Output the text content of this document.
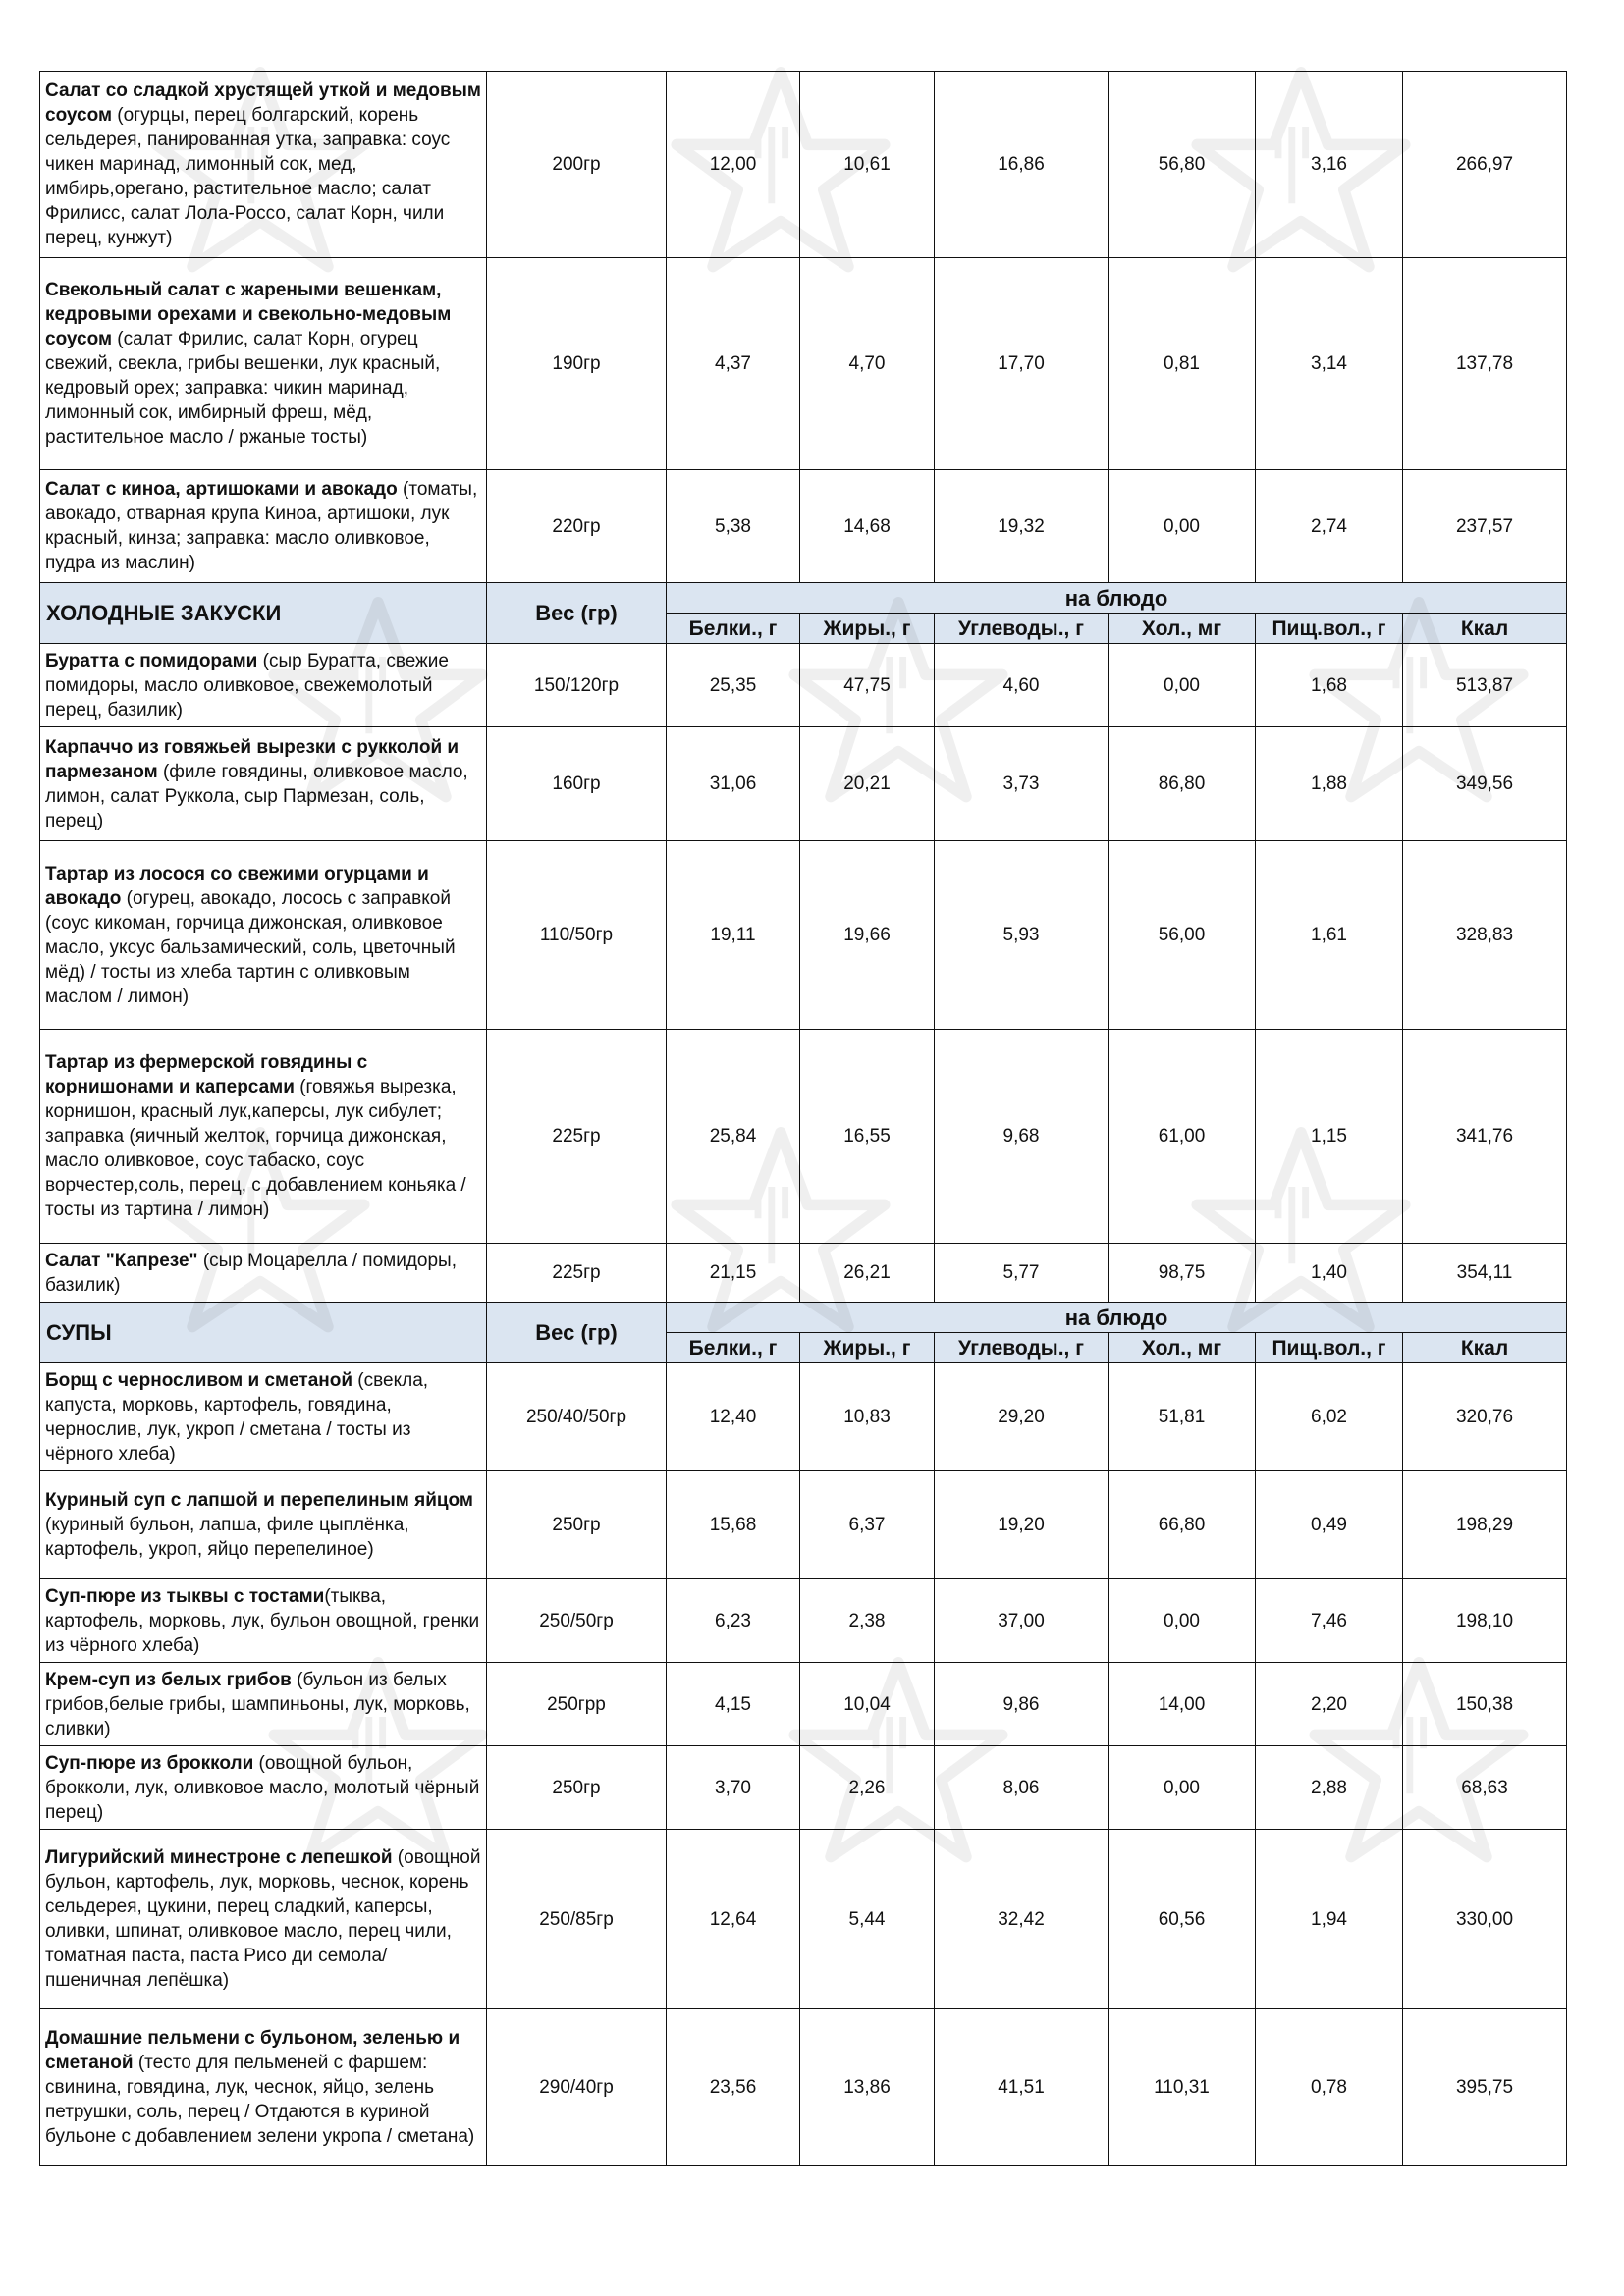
Салат со сладкой хрустящей уткой и медовым соусом (огурцы, перец болгарский, корень сельдерея, панированная утка, заправка: соус чикен маринад, лимонный сок, мед, имбирь,орегано, растительное масло; салат Фрилисс, салат Лола-Россо, салат Корн, чили перец, кунжут)	200гр	12,00	10,61	16,86	56,80	3,16	266,97
Свекольный салат с жареными вешенкам, кедровыми орехами и свекольно-медовым соусом (салат Фрилис, салат Корн, огурец свежий, свекла, грибы вешенки, лук красный, кедровый орех; заправка: чикин маринад, лимонный сок, имбирный фреш, мёд, растительное масло / ржаные тосты)	190гр	4,37	4,70	17,70	0,81	3,14	137,78
Салат с киноа, артишоками и авокадо (томаты, авокадо, отварная крупа Киноа, артишоки, лук красный, кинза; заправка: масло оливковое, пудра из маслин)	220гр	5,38	14,68	19,32	0,00	2,74	237,57
ХОЛОДНЫЕ ЗАКУСКИ	Вес (гр)	на блюдо					
		Белки., г	Жиры., г	Углеводы., г	Хол., мг	Пищ.вол., г	Ккал
Буратта с помидорами (сыр Буратта, свежие помидоры, масло оливковое, свежемолотый перец, базилик)	150/120гр	25,35	47,75	4,60	0,00	1,68	513,87
Карпаччо из говяжьей вырезки с рукколой и пармезаном (филе говядины, оливковое масло, лимон, салат Руккола, сыр Пармезан, соль, перец)	160гр	31,06	20,21	3,73	86,80	1,88	349,56
Тартар из лосося со свежими огурцами и авокадо (огурец, авокадо, лосось с заправкой (соус кикоман, горчица дижонская, оливковое масло, уксус бальзамический, соль, цветочный мёд) / тосты из хлеба тартин с оливковым маслом / лимон)	110/50гр	19,11	19,66	5,93	56,00	1,61	328,83
Тартар из фермерской говядины с корнишонами и каперсами (говяжья вырезка, корнишон, красный лук,каперсы, лук сибулет; заправка (яичный желток, горчица дижонская, масло оливковое, соус табаско, соус ворчестер,соль, перец, с добавлением коньяка / тосты из тартина / лимон)	225гр	25,84	16,55	9,68	61,00	1,15	341,76
Салат "Капрезе" (сыр Моцарелла / помидоры, базилик)	225гр	21,15	26,21	5,77	98,75	1,40	354,11
СУПЫ	Вес (гр)	на блюдо					
		Белки., г	Жиры., г	Углеводы., г	Хол., мг	Пищ.вол., г	Ккал
Борщ с черносливом и сметаной (свекла, капуста, морковь, картофель, говядина, чернослив, лук, укроп / сметана / тосты из чёрного хлеба)	250/40/50гр	12,40	10,83	29,20	51,81	6,02	320,76
Куриный суп с лапшой и перепелиным яйцом (куриный бульон, лапша, филе цыплёнка, картофель, укроп, яйцо перепелиное)	250гр	15,68	6,37	19,20	66,80	0,49	198,29
Суп-пюре из тыквы с тостами(тыква, картофель, морковь, лук, бульон овощной, гренки из чёрного хлеба)	250/50гр	6,23	2,38	37,00	0,00	7,46	198,10
Крем-суп из белых грибов (бульон из белых грибов,белые грибы, шампиньоны, лук, морковь, сливки)	250грр	4,15	10,04	9,86	14,00	2,20	150,38
Суп-пюре из брокколи (овощной бульон, брокколи, лук, оливковое масло, молотый чёрный перец)	250гр	3,70	2,26	8,06	0,00	2,88	68,63
Лигурийский минестроне с лепешкой (овощной бульон, картофель, лук, морковь, чеснок, корень сельдерея, цукини, перец сладкий, каперсы, оливки, шпинат, оливковое масло, перец чили, томатная паста, паста Рисо ди семола/ пшеничная лепёшка)	250/85гр	12,64	5,44	32,42	60,56	1,94	330,00
Домашние пельмени с бульоном, зеленью и сметаной (тесто для пельменей с фаршем: свинина, говядина, лук, чеснок, яйцо, зелень петрушки, соль, перец / Отдаются в куриной бульоне с добавлением зелени укропа / сметана)	290/40гр	23,56	13,86	41,51	110,31	0,78	395,75
